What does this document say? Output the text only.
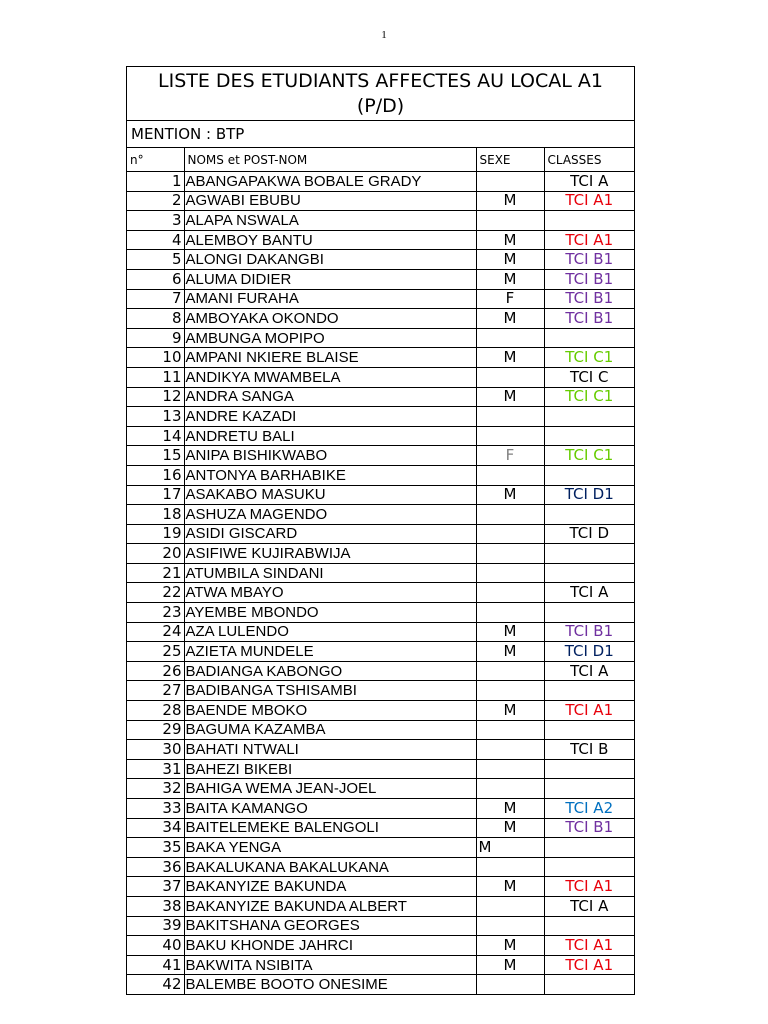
1
LISTE DES ETUDIANTS AFFECTES AU LOCAL A1
(P/D)
MENTION : BTP
n°	NOMS et POST-NOM	SEXE	CLASSES
1	ABANGAPAKWA BOBALE GRADY		TCI A
2	AGWABI EBUBU	M	TCI A1
3	ALAPA NSWALA		
4	ALEMBOY BANTU	M	TCI A1
5	ALONGI DAKANGBI	M	TCI B1
6	ALUMA DIDIER	M	TCI B1
7	AMANI FURAHA	F	TCI B1
8	AMBOYAKA OKONDO	M	TCI B1
9	AMBUNGA MOPIPO		
10	AMPANI NKIERE BLAISE	M	TCI C1
11	ANDIKYA MWAMBELA		TCI C
12	ANDRA SANGA	M	TCI C1
13	ANDRE KAZADI		
14	ANDRETU BALI		
15	ANIPA BISHIKWABO	F	TCI C1
16	ANTONYA BARHABIKE		
17	ASAKABO MASUKU	M	TCI D1
18	ASHUZA MAGENDO		
19	ASIDI GISCARD		TCI D
20	ASIFIWE KUJIRABWIJA		
21	ATUMBILA SINDANI		
22	ATWA MBAYO		TCI A
23	AYEMBE MBONDO		
24	AZA LULENDO	M	TCI B1
25	AZIETA MUNDELE	M	TCI D1
26	BADIANGA KABONGO		TCI A
27	BADIBANGA TSHISAMBI		
28	BAENDE MBOKO	M	TCI A1
29	BAGUMA KAZAMBA		
30	BAHATI NTWALI		TCI B
31	BAHEZI BIKEBI		
32	BAHIGA WEMA JEAN-JOEL		
33	BAITA KAMANGO	M	TCI A2
34	BAITELEMEKE BALENGOLI	M	TCI B1
35	BAKA YENGA	M	
36	BAKALUKANA BAKALUKANA		
37	BAKANYIZE BAKUNDA	M	TCI A1
38	BAKANYIZE BAKUNDA ALBERT		TCI A
39	BAKITSHANA GEORGES		
40	BAKU KHONDE JAHRCI	M	TCI A1
41	BAKWITA NSIBITA	M	TCI A1
42	BALEMBE BOOTO ONESIME		
